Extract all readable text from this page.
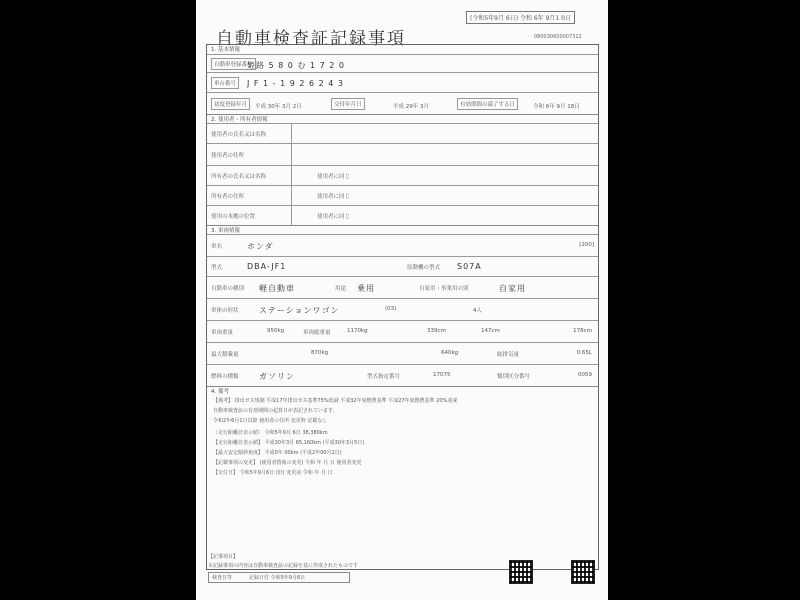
(令和5年9月 6日) 令和 6年 9月1 0日
自動車検査証記録事項	080030600007312
1. 基本情報
自動車登録番号
姫路 5 8 0 む 1 7 2 0
車台番号	J F 1 - 1 9 2 6 2 4 3
初度登録年月	平成 30年 3月 2日	交付年月日	平成 29年 3月	有効期間の満了する日	令和 6年 9月 18日
2. 使用者・所有者情報
使用者の氏名又は名称
使用者の住所
所有者の氏名又は名称	使用者に同じ
所有者の住所	使用者に同じ
使用の本拠の位置	使用者に同じ
3. 車両情報
車名	ホンダ	[200]
型式	DBA-JF1	原動機の型式 S07A
自動車の種別 軽自動車	用途 乗用	自家用・事業用の別	自家用
車体の形状	ステーションワゴン	(03)	4人
車両重量	950kg	車両総重量	1170kg	339cm	147cm	178cm
最大積載量	870kg	640kg	総排気量	0.65L
燃料の種類	ガソリン	型式指定番号	17075	類別区分番号	0059
4. 備考
【備考】 排出ガス規制 平成17年排出ガス基準75%低減 平成32年度燃費基準 平成27年度燃費基準 20%達成
自動車検査証の有効期間の起算日が表記されています。
令和2年6月1日以降 使用者の住所 変更時 記載なし
〔走行距離計表示値〕 令和5年9月 6日 38,380km
【走行距離計表示値】 平成30年3月 65,160km (平成30年3月5日)
【最大安定傾斜角度】 平成0年 00km (平成2年00月2日)
【記載事項の変更】 (使用者情報の変更) 令和 年 月 日 使用者変更
【交付日】 令和5年9月6日 (旧) 変更前 令和 年 月 日
【記事項目】
本記録事項の内容は自動車検査証の記録を基に作成されたものです
検査日等	記録日付 令和5年9月6日
